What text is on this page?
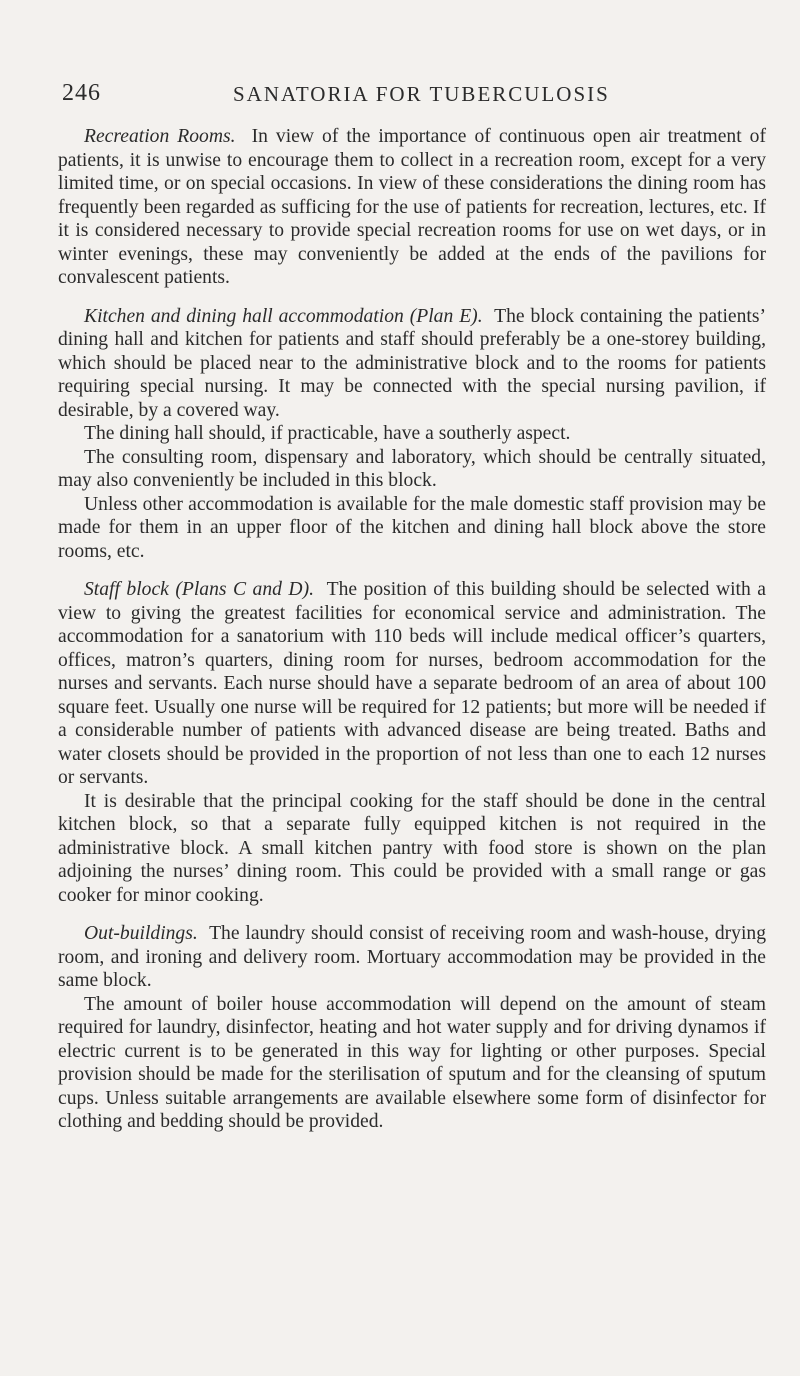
246	SANATORIA FOR TUBERCULOSIS

Recreation Rooms. In view of the importance of continuous open air treatment of patients, it is unwise to encourage them to collect in a recreation room, except for a very limited time, or on special occasions. In view of these considerations the dining room has frequently been regarded as sufficing for the use of patients for recreation, lectures, etc. If it is considered necessary to provide special recreation rooms for use on wet days, or in winter evenings, these may conveniently be added at the ends of the pavilions for convalescent patients.

Kitchen and dining hall accommodation (Plan E). The block containing the patients’ dining hall and kitchen for patients and staff should preferably be a one-storey building, which should be placed near to the administrative block and to the rooms for patients requiring special nursing. It may be connected with the special nursing pavilion, if desirable, by a covered way.

The dining hall should, if practicable, have a southerly aspect.

The consulting room, dispensary and laboratory, which should be centrally situated, may also conveniently be included in this block.

Unless other accommodation is available for the male domestic staff provision may be made for them in an upper floor of the kitchen and dining hall block above the store rooms, etc.

Staff block (Plans C and D). The position of this building should be selected with a view to giving the greatest facilities for economical service and administration. The accommodation for a sanatorium with 110 beds will include medical officer’s quarters, offices, matron’s quarters, dining room for nurses, bedroom accommodation for the nurses and servants. Each nurse should have a separate bedroom of an area of about 100 square feet. Usually one nurse will be required for 12 patients; but more will be needed if a considerable number of patients with advanced disease are being treated. Baths and water closets should be provided in the proportion of not less than one to each 12 nurses or servants.

It is desirable that the principal cooking for the staff should be done in the central kitchen block, so that a separate fully equipped kitchen is not required in the administrative block. A small kitchen pantry with food store is shown on the plan adjoining the nurses’ dining room. This could be provided with a small range or gas cooker for minor cooking.

Out-buildings. The laundry should consist of receiving room and wash-house, drying room, and ironing and delivery room. Mortuary accommodation may be provided in the same block.

The amount of boiler house accommodation will depend on the amount of steam required for laundry, disinfector, heating and hot water supply and for driving dynamos if electric current is to be generated in this way for lighting or other purposes. Special provision should be made for the sterilisation of sputum and for the cleansing of sputum cups. Unless suitable arrangements are available elsewhere some form of disinfector for clothing and bedding should be provided.
